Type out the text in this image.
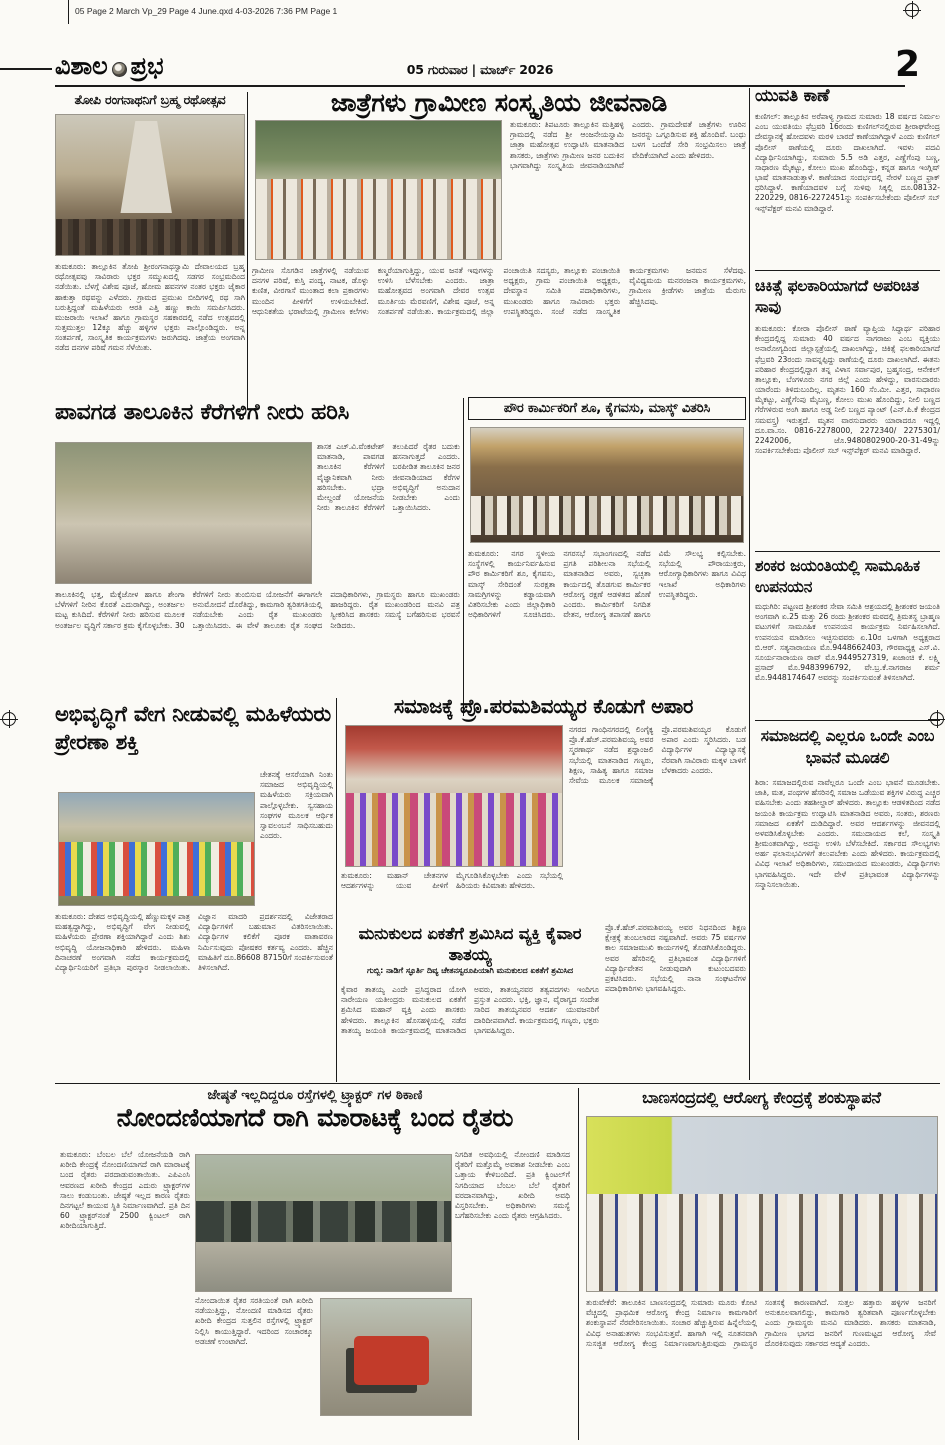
05 Page 2 March Vp_29 Page 4 June.qxd 4-03-2026 7:36 PM Page 1
ವಿಶಾಲ ಪ್ರಭ	05 ಗುರುವಾರ | ಮಾರ್ಚ್ 2026	2
ತೋಪಿ ರಂಗನಾಥನಿಗೆ ಬ್ರಹ್ಮ ರಥೋತ್ಸವ
ತುಮಕೂರು: ತಾಲ್ಲೂಕಿನ ತೋಪಿ ಶ್ರೀರಂಗನಾಥಸ್ವಾಮಿ ದೇವಾಲಯದ ಬ್ರಹ್ಮ ರಥೋತ್ಸವವು ಸಾವಿರಾರು ಭಕ್ತರ ಸಮ್ಮುಖದಲ್ಲಿ ಸಡಗರ ಸಂಭ್ರಮದಿಂದ ನಡೆಯಿತು. ಬೆಳಗ್ಗೆ ವಿಶೇಷ ಪೂಜೆ, ಹೋಮ ಹವನಗಳ ನಂತರ ಭಕ್ತರು ಜೈಕಾರ ಹಾಕುತ್ತಾ ರಥವನ್ನು ಎಳೆದರು. ಗ್ರಾಮದ ಪ್ರಮುಖ ಬೀದಿಗಳಲ್ಲಿ ರಥ ಸಾಗಿ ಬರುತ್ತಿದ್ದಂತೆ ಮಹಿಳೆಯರು ಆರತಿ ಎತ್ತಿ ಹಣ್ಣು ಕಾಯಿ ಸಮರ್ಪಿಸಿದರು. ಮುಜರಾಯಿ ಇಲಾಖೆ ಹಾಗೂ ಗ್ರಾಮಸ್ಥರ ಸಹಕಾರದಲ್ಲಿ ನಡೆದ ಉತ್ಸವದಲ್ಲಿ ಸುತ್ತಮುತ್ತಲ 12ಕ್ಕೂ ಹೆಚ್ಚು ಹಳ್ಳಿಗಳ ಭಕ್ತರು ಪಾಲ್ಗೊಂಡಿದ್ದರು. ಅನ್ನ ಸಂತರ್ಪಣೆ, ಸಾಂಸ್ಕೃತಿಕ ಕಾರ್ಯಕ್ರಮಗಳು ಜರುಗಿದವು. ಜಾತ್ರೆಯ ಅಂಗವಾಗಿ ನಡೆದ ದನಗಳ ಪರಿಷೆ ಗಮನ ಸೆಳೆಯಿತು.
ಜಾತ್ರೆಗಳು ಗ್ರಾಮೀಣ ಸಂಸ್ಕೃತಿಯ ಜೀವನಾಡಿ
ತುಮಕೂರು: ತಿಪಟೂರು ತಾಲ್ಲೂಕಿನ ಮತ್ತಿಹಳ್ಳಿ ಗ್ರಾಮದಲ್ಲಿ ನಡೆದ ಶ್ರೀ ಆಂಜನೇಯಸ್ವಾಮಿ ಜಾತ್ರಾ ಮಹೋತ್ಸವ ಉದ್ಘಾಟಿಸಿ ಮಾತನಾಡಿದ ಶಾಸಕರು, ಜಾತ್ರೆಗಳು ಗ್ರಾಮೀಣ ಜನರ ಬದುಕಿನ ಭಾಗವಾಗಿದ್ದು ಸಂಸ್ಕೃತಿಯ ಜೀವನಾಡಿಯಾಗಿವೆ ಎಂದರು. ಗ್ರಾಮದೇವತೆ ಜಾತ್ರೆಗಳು ಊರಿನ ಜನರನ್ನು ಒಗ್ಗೂಡಿಸುವ ಶಕ್ತಿ ಹೊಂದಿವೆ. ಬಂಧು ಬಳಗ ಒಂದೆಡೆ ಸೇರಿ ಸಂಭ್ರಮಿಸಲು ಜಾತ್ರೆ ವೇದಿಕೆಯಾಗಿದೆ ಎಂದು ಹೇಳಿದರು.
ಗ್ರಾಮೀಣ ಸೊಗಡಿನ ಜಾತ್ರೆಗಳಲ್ಲಿ ನಡೆಯುವ ದನಗಳ ಪರಿಷೆ, ಕುಸ್ತಿ ಪಂದ್ಯ, ನಾಟಕ, ಡೊಳ್ಳು ಕುಣಿತ, ವೀರಗಾಸೆ ಮುಂತಾದ ಕಲಾ ಪ್ರಕಾರಗಳು ಮುಂದಿನ ಪೀಳಿಗೆಗೆ ಉಳಿಯಬೇಕಿದೆ. ಆಧುನಿಕತೆಯ ಭರಾಟೆಯಲ್ಲಿ ಗ್ರಾಮೀಣ ಕಲೆಗಳು ಕಣ್ಮರೆಯಾಗುತ್ತಿದ್ದು, ಯುವ ಜನತೆ ಇವುಗಳನ್ನು ಉಳಿಸಿ ಬೆಳೆಸಬೇಕು ಎಂದರು. ಜಾತ್ರಾ ಮಹೋತ್ಸವದ ಅಂಗವಾಗಿ ದೇವರ ಉತ್ಸವ ಮೂರ್ತಿಯ ಮೆರವಣಿಗೆ, ವಿಶೇಷ ಪೂಜೆ, ಅನ್ನ ಸಂತರ್ಪಣೆ ನಡೆಯಿತು. ಕಾರ್ಯಕ್ರಮದಲ್ಲಿ ಜಿಲ್ಲಾ ಪಂಚಾಯಿತಿ ಸದಸ್ಯರು, ತಾಲ್ಲೂಕು ಪಂಚಾಯಿತಿ ಅಧ್ಯಕ್ಷರು, ಗ್ರಾಮ ಪಂಚಾಯಿತಿ ಅಧ್ಯಕ್ಷರು, ದೇವಸ್ಥಾನ ಸಮಿತಿ ಪದಾಧಿಕಾರಿಗಳು, ಮುಖಂಡರು ಹಾಗೂ ಸಾವಿರಾರು ಭಕ್ತರು ಉಪಸ್ಥಿತರಿದ್ದರು. ಸಂಜೆ ನಡೆದ ಸಾಂಸ್ಕೃತಿಕ ಕಾರ್ಯಕ್ರಮಗಳು ಜನಮನ ಸೆಳೆದವು. ವೈವಿಧ್ಯಮಯ ಮನರಂಜನಾ ಕಾರ್ಯಕ್ರಮಗಳು, ಗ್ರಾಮೀಣ ಕ್ರೀಡೆಗಳು ಜಾತ್ರೆಯ ಮೆರುಗು ಹೆಚ್ಚಿಸಿದವು.
ಯುವತಿ ಕಾಣೆ
ಕುಣಿಗಲ್: ತಾಲ್ಲೂಕಿನ ಅರೆಪಾಳ್ಯ ಗ್ರಾಮದ ಸುಮಾರು 18 ವರ್ಷದ ನಿರ್ಮಲ ಎಂಬ ಯುವತಿಯು ಫೆಬ್ರವರಿ 16ರಂದು ಕುಣಿಗಲ್‌ನಲ್ಲಿರುವ ಶ್ರೀರಾಘವೇಂದ್ರ ದೇವಸ್ಥಾನಕ್ಕೆ ಹೋದವಳು ಮರಳಿ ಬಾರದೆ ಕಾಣೆಯಾಗಿದ್ದಾಳೆ ಎಂದು ಕುಣಿಗಲ್ ಪೊಲೀಸ್ ಠಾಣೆಯಲ್ಲಿ ದೂರು ದಾಖಲಾಗಿದೆ. ಇವಳು ಪದವಿ ವಿದ್ಯಾರ್ಥಿನಿಯಾಗಿದ್ದು, ಸುಮಾರು 5.5 ಅಡಿ ಎತ್ತರ, ಎಣ್ಣೆಗೆಂಪು ಬಣ್ಣ, ಸಾಧಾರಣ ಮೈಕಟ್ಟು, ಕೋಲು ಮುಖ ಹೊಂದಿದ್ದು, ಕನ್ನಡ ಹಾಗೂ ಇಂಗ್ಲಿಷ್ ಭಾಷೆ ಮಾತನಾಡುತ್ತಾಳೆ. ಕಾಣೆಯಾದ ಸಂದರ್ಭದಲ್ಲಿ ನೇರಳೆ ಬಣ್ಣದ ಫ್ರಾಕ್ ಧರಿಸಿದ್ದಾಳೆ. ಕಾಣೆಯಾದವಳ ಬಗ್ಗೆ ಸುಳಿವು ಸಿಕ್ಕಲ್ಲಿ ದೂ.08132-220229, 0816-2272451ನ್ನು ಸಂಪರ್ಕಿಸಬೇಕೆಂದು ಪೊಲೀಸ್ ಸಬ್ ಇನ್ಸ್‌ಪೆಕ್ಟರ್ ಮನವಿ ಮಾಡಿದ್ದಾರೆ.
ಚಿಕಿತ್ಸೆ ಫಲಕಾರಿಯಾಗದೆ ಅಪರಿಚಿತ ಸಾವು
ತುಮಕೂರು: ಕೋರಾ ಪೊಲೀಸ್ ಠಾಣೆ ವ್ಯಾಪ್ತಿಯ ಸಿದ್ಧಾರ್ಥ ಪರಿಹಾರ ಕೇಂದ್ರದಲ್ಲಿದ್ದ ಸುಮಾರು 40 ವರ್ಷದ ನಾಗರಾಜು ಎಂಬ ವ್ಯಕ್ತಿಯು ಅನಾರೋಗ್ಯದಿಂದ ಜಿಲ್ಲಾಸ್ಪತ್ರೆಯಲ್ಲಿ ದಾಖಲಾಗಿದ್ದು, ಚಿಕಿತ್ಸೆ ಫಲಕಾರಿಯಾಗದೆ ಫೆಬ್ರವರಿ 23ರಂದು ಸಾವನ್ನಪ್ಪಿದ್ದು ಠಾಣೆಯಲ್ಲಿ ದೂರು ದಾಖಲಾಗಿದೆ. ಈತನು ಪರಿಹಾರ ಕೇಂದ್ರದಲ್ಲಿದ್ದಾಗ ತನ್ನ ವಿಳಾಸ ಸರ್ವಾಪುರ, ಬ್ರಹ್ಮಸಂದ್ರ, ಆನೇಕಲ್ ತಾಲ್ಲೂಕು, ಬೆಂಗಳೂರು ನಗರ ಜಿಲ್ಲೆ ಎಂದು ಹೇಳಿದ್ದು, ವಾರಸುದಾರರು ಯಾರೆಂದು ತಿಳಿದುಬಂದಿಲ್ಲ. ಮೃತನು 160 ಸೆಂ.ಮೀ. ಎತ್ತರ, ಸಾಧಾರಣ ಮೈಕಟ್ಟು, ಎಣ್ಣೆಗೆಂಪು ಮೈಬಣ್ಣ, ಕೋಲು ಮುಖ ಹೊಂದಿದ್ದು, ನೀಲಿ ಬಣ್ಣದ ಗೆರೆಗಳಿರುವ ಅಂಗಿ ಹಾಗೂ ಅಡ್ಡ ನೀಲಿ ಬಣ್ಣದ ಪ್ಯಾಂಟ್ (ಎನ್.ಪಿ.ಕೆ ಕೇಂದ್ರದ ಸಮವಸ್ತ್ರ) ಇರುತ್ತದೆ. ಮೃತನ ವಾರಸುದಾರರು ಯಾರಾದರೂ ಇದ್ದಲ್ಲಿ ದೂ.ವಾ.ಸಂ. 0816-2278000, 2272340/ 2275301/ 2242006, ಜೊ.9480802900-20-31-49ನ್ನು ಸಂಪರ್ಕಿಸಬೇಕೆಂದು ಪೊಲೀಸ್ ಸಬ್ ಇನ್ಸ್‌ಪೆಕ್ಟರ್ ಮನವಿ ಮಾಡಿದ್ದಾರೆ.
ಶಂಕರ ಜಯಂತಿಯಲ್ಲಿ ಸಾಮೂಹಿಕ ಉಪನಯನ
ಮಧುಗಿರಿ: ಪಟ್ಟಣದ ಶ್ರೀಶಂಕರ ಸೇವಾ ಸಮಿತಿ ಆಶ್ರಯದಲ್ಲಿ ಶ್ರೀಶಂಕರ ಜಯಂತಿ ಅಂಗವಾಗಿ ಏ.25 ಮತ್ತು 26 ರಂದು ಶ್ರೀಶಂಕರ ಮಠದಲ್ಲಿ ತ್ರಿಮತಸ್ಥ ಬ್ರಾಹ್ಮಣ ವಟುಗಳಿಗೆ ಸಾಮೂಹಿಕ ಉಪನಯನ ಕಾರ್ಯಕ್ರಮ ನಿರ್ವಹಿಸಲಾಗಿದೆ. ಉಪನಯನ ಮಾಡಿಸಲು ಇಚ್ಛಿಸುವವರು ಏ.10ರ ಒಳಗಾಗಿ ಅಧ್ಯಕ್ಷರಾದ ಬಿ.ಆರ್. ಸತ್ಯನಾರಾಯಣ ಮೊ.9448662403, ಗೌರವಾಧ್ಯಕ್ಷ ಎಸ್.ವಿ. ಸೂರ್ಯನಾರಾಯಣ ರಾವ್ ಮೊ.9449527319, ಖಜಾಂಚಿ ಕೆ. ಲಕ್ಷ್ಮಿ ಪ್ರಸಾದ್ ಮೊ.9483996792, ವೇ.ಬ್ರ.ಕೆ.ನಾಗರಾಜ ಶರ್ಮ ಮೊ.9448174647 ಅವರನ್ನು ಸಂಪರ್ಕಿಸುವಂತೆ ತಿಳಿಸಲಾಗಿದೆ.
ಪಾವಗಡ ತಾಲೂಕಿನ ಕೆರೆಗಳಿಗೆ ನೀರು ಹರಿಸಿ
ಶಾಸಕ ಎಚ್.ವಿ.ವೆಂಕಟೇಶ್ ಮಾತನಾಡಿ, ಪಾವಗಡ ತಾಲೂಕಿನ ಕೆರೆಗಳಿಗೆ ವೈಜ್ಞಾನಿಕವಾಗಿ ನೀರು ಹರಿಸಬೇಕು. ಭದ್ರಾ ಮೇಲ್ದಂಡೆ ಯೋಜನೆಯ ನೀರು ತಾಲೂಕಿನ ಕೆರೆಗಳಿಗೆ ತಲುಪಿದರೆ ರೈತರ ಬದುಕು ಹಸನಾಗುತ್ತದೆ ಎಂದರು. ಬರಪೀಡಿತ ತಾಲೂಕಿನ ಜನರ ಜೀವನಾಡಿಯಾದ ಕೆರೆಗಳ ಅಭಿವೃದ್ಧಿಗೆ ಅನುದಾನ ನೀಡಬೇಕು ಎಂದು ಒತ್ತಾಯಿಸಿದರು.
ತಾಲೂಕಿನಲ್ಲಿ ಭತ್ತ, ಮೆಕ್ಕೆಜೋಳ ಹಾಗೂ ಶೇಂಗಾ ಬೆಳೆಗಳಿಗೆ ನೀರಿನ ಕೊರತೆ ಎದುರಾಗಿದ್ದು, ಅಂತರ್ಜಲ ಮಟ್ಟ ಕುಸಿದಿದೆ. ಕೆರೆಗಳಿಗೆ ನೀರು ಹರಿಸುವ ಮೂಲಕ ಅಂತರ್ಜಲ ವೃದ್ಧಿಗೆ ಸರ್ಕಾರ ಕ್ರಮ ಕೈಗೊಳ್ಳಬೇಕು. 30 ಕೆರೆಗಳಿಗೆ ನೀರು ತುಂಬಿಸುವ ಯೋಜನೆಗೆ ಈಗಾಗಲೇ ಅನುಮೋದನೆ ದೊರೆತಿದ್ದು, ಕಾಮಗಾರಿ ತ್ವರಿತಗತಿಯಲ್ಲಿ ನಡೆಯಬೇಕು ಎಂದು ರೈತ ಮುಖಂಡರು ಒತ್ತಾಯಿಸಿದರು. ಈ ವೇಳೆ ತಾಲೂಕು ರೈತ ಸಂಘದ ಪದಾಧಿಕಾರಿಗಳು, ಗ್ರಾಮಸ್ಥರು ಹಾಗೂ ಮುಖಂಡರು ಹಾಜರಿದ್ದರು. ರೈತ ಮುಖಂಡರಿಂದ ಮನವಿ ಪತ್ರ ಸ್ವೀಕರಿಸಿದ ಶಾಸಕರು ಸಮಸ್ಯೆ ಬಗೆಹರಿಸುವ ಭರವಸೆ ನೀಡಿದರು.
ಪೌರ ಕಾರ್ಮಿಕರಿಗೆ ಶೂ, ಕೈಗವಸು, ಮಾಸ್ಕ್ ವಿತರಿಸಿ
ತುಮಕೂರು: ನಗರ ಸ್ಥಳೀಯ ಸಂಸ್ಥೆಗಳಲ್ಲಿ ಕಾರ್ಯನಿರ್ವಹಿಸುವ ಪೌರ ಕಾರ್ಮಿಕರಿಗೆ ಶೂ, ಕೈಗವಸು, ಮಾಸ್ಕ್ ಸೇರಿದಂತೆ ಸುರಕ್ಷತಾ ಸಾಮಗ್ರಿಗಳನ್ನು ಕಡ್ಡಾಯವಾಗಿ ವಿತರಿಸಬೇಕು ಎಂದು ಜಿಲ್ಲಾಧಿಕಾರಿ ಅಧಿಕಾರಿಗಳಿಗೆ ಸೂಚಿಸಿದರು. ನಗರಸಭೆ ಸಭಾಂಗಣದಲ್ಲಿ ನಡೆದ ಪ್ರಗತಿ ಪರಿಶೀಲನಾ ಸಭೆಯಲ್ಲಿ ಮಾತನಾಡಿದ ಅವರು, ಸ್ವಚ್ಛತಾ ಕಾರ್ಯದಲ್ಲಿ ತೊಡಗುವ ಕಾರ್ಮಿಕರ ಆರೋಗ್ಯ ರಕ್ಷಣೆ ಆಡಳಿತದ ಹೊಣೆ ಎಂದರು. ಕಾರ್ಮಿಕರಿಗೆ ನಿಗದಿತ ವೇತನ, ಆರೋಗ್ಯ ತಪಾಸಣೆ ಹಾಗೂ ವಿಮೆ ಸೌಲಭ್ಯ ಕಲ್ಪಿಸಬೇಕು. ಸಭೆಯಲ್ಲಿ ಪೌರಾಯುಕ್ತರು, ಆರೋಗ್ಯಾಧಿಕಾರಿಗಳು ಹಾಗೂ ವಿವಿಧ ಇಲಾಖೆ ಅಧಿಕಾರಿಗಳು ಉಪಸ್ಥಿತರಿದ್ದರು.
ಅಭಿವೃದ್ಧಿಗೆ ವೇಗ ನೀಡುವಲ್ಲಿ ಮಹಿಳೆಯರು ಪ್ರೇರಣಾ ಶಕ್ತಿ
ಚೇತನಕ್ಕೆ ಆಸರೆಯಾಗಿ ನಿಂತು ಸಮಾಜದ ಅಭಿವೃದ್ಧಿಯಲ್ಲಿ ಮಹಿಳೆಯರು ಸಕ್ರಿಯವಾಗಿ ಪಾಲ್ಗೊಳ್ಳಬೇಕು. ಸ್ವಸಹಾಯ ಸಂಘಗಳ ಮೂಲಕ ಆರ್ಥಿಕ ಸ್ವಾವಲಂಬನೆ ಸಾಧಿಸಬಹುದು ಎಂದರು.
ತುಮಕೂರು: ದೇಶದ ಅಭಿವೃದ್ಧಿಯಲ್ಲಿ ಹೆಣ್ಣುಮಕ್ಕಳ ಪಾತ್ರ ಮಹತ್ವದ್ದಾಗಿದ್ದು, ಅಭಿವೃದ್ಧಿಗೆ ವೇಗ ನೀಡುವಲ್ಲಿ ಮಹಿಳೆಯರು ಪ್ರೇರಣಾ ಶಕ್ತಿಯಾಗಿದ್ದಾರೆ ಎಂದು ಶಿಶು ಅಭಿವೃದ್ಧಿ ಯೋಜನಾಧಿಕಾರಿ ಹೇಳಿದರು. ಮಹಿಳಾ ದಿನಾಚರಣೆ ಅಂಗವಾಗಿ ನಡೆದ ಕಾರ್ಯಕ್ರಮದಲ್ಲಿ ವಿದ್ಯಾರ್ಥಿನಿಯರಿಗೆ ಪ್ರತಿಭಾ ಪುರಸ್ಕಾರ ನೀಡಲಾಯಿತು. ವಿಜ್ಞಾನ ಮಾದರಿ ಪ್ರದರ್ಶನದಲ್ಲಿ ವಿಜೇತರಾದ ವಿದ್ಯಾರ್ಥಿಗಳಿಗೆ ಬಹುಮಾನ ವಿತರಿಸಲಾಯಿತು. ವಿದ್ಯಾರ್ಥಿಗಳ ಕಲಿಕೆಗೆ ಪೂರಕ ವಾತಾವರಣ ನಿರ್ಮಿಸುವುದು ಪೋಷಕರ ಕರ್ತವ್ಯ ಎಂದರು. ಹೆಚ್ಚಿನ ಮಾಹಿತಿಗೆ ದೂ.86608 87150ಗೆ ಸಂಪರ್ಕಿಸುವಂತೆ ತಿಳಿಸಲಾಗಿದೆ.
ಸಮಾಜಕ್ಕೆ ಪ್ರೊ.ಪರಮಶಿವಯ್ಯರ ಕೊಡುಗೆ ಅಪಾರ
ನಗರದ ಗಾಂಧಿನಗರದಲ್ಲಿ ಲಿಂಗೈಕ್ಯ ಪ್ರೊ.ಕೆ.ಹೆಚ್.ಪರಮಶಿವಯ್ಯ ಅವರ ಸ್ಮರಣಾರ್ಥ ನಡೆದ ಶ್ರದ್ಧಾಂಜಲಿ ಸಭೆಯಲ್ಲಿ ಮಾತನಾಡಿದ ಗಣ್ಯರು, ಶಿಕ್ಷಣ, ಸಾಹಿತ್ಯ ಹಾಗೂ ಸಮಾಜ ಸೇವೆಯ ಮೂಲಕ ಸಮಾಜಕ್ಕೆ ಪ್ರೊ.ಪರಮಶಿವಯ್ಯರ ಕೊಡುಗೆ ಅಪಾರ ಎಂದು ಸ್ಮರಿಸಿದರು. ಬಡ ವಿದ್ಯಾರ್ಥಿಗಳ ವಿದ್ಯಾಭ್ಯಾಸಕ್ಕೆ ನೆರವಾಗಿ ಸಾವಿರಾರು ಮಕ್ಕಳ ಬಾಳಿಗೆ ಬೆಳಕಾದರು ಎಂದರು.
ತುಮಕೂರು: ಮಹಾನ್ ಚೇತನಗಳ ಆದರ್ಶಗಳನ್ನು ಯುವ ಪೀಳಿಗೆ ಮೈಗೂಡಿಸಿಕೊಳ್ಳಬೇಕು ಎಂದು ಸಭೆಯಲ್ಲಿ ಹಿರಿಯರು ಕಿವಿಮಾತು ಹೇಳಿದರು.
ಮನುಕುಲದ ಏಕತೆಗೆ ಶ್ರಮಿಸಿದ ವ್ಯಕ್ತಿ ಕೈವಾರ ತಾತಯ್ಯ
ಗುಬ್ಬಿ: ನಾಡಿಗೆ ಸ್ಫೂರ್ತಿ ದಿವ್ಯ ಚೇತನಸ್ವರೂಪಿಯಾಗಿ ಮನುಕುಲದ ಏಕತೆಗೆ ಶ್ರಮಿಸಿದ
ಕೈವಾರ ತಾತಯ್ಯ ಎಂದೇ ಪ್ರಸಿದ್ಧರಾದ ಯೋಗಿ ನಾರೇಯಣ ಯತೀಂದ್ರರು ಮನುಕುಲದ ಏಕತೆಗೆ ಶ್ರಮಿಸಿದ ಮಹಾನ್ ವ್ಯಕ್ತಿ ಎಂದು ಶಾಸಕರು ಹೇಳಿದರು. ತಾಲ್ಲೂಕಿನ ಹೊಸಹಳ್ಳಿಯಲ್ಲಿ ನಡೆದ ತಾತಯ್ಯ ಜಯಂತಿ ಕಾರ್ಯಕ್ರಮದಲ್ಲಿ ಮಾತನಾಡಿದ ಅವರು, ತಾತಯ್ಯನವರ ತತ್ವಪದಗಳು ಇಂದಿಗೂ ಪ್ರಸ್ತುತ ಎಂದರು. ಭಕ್ತಿ, ಜ್ಞಾನ, ವೈರಾಗ್ಯದ ಸಂದೇಶ ಸಾರಿದ ತಾತಯ್ಯನವರ ಆದರ್ಶ ಯುವಜನರಿಗೆ ದಾರಿದೀಪವಾಗಿದೆ. ಕಾರ್ಯಕ್ರಮದಲ್ಲಿ ಗಣ್ಯರು, ಭಕ್ತರು ಭಾಗವಹಿಸಿದ್ದರು.
ಪ್ರೊ.ಕೆ.ಹೆಚ್.ಪರಮಶಿವಯ್ಯ ಅವರ ನಿಧನದಿಂದ ಶಿಕ್ಷಣ ಕ್ಷೇತ್ರಕ್ಕೆ ತುಂಬಲಾರದ ನಷ್ಟವಾಗಿದೆ. ಅವರು 75 ವರ್ಷಗಳ ಕಾಲ ಸಮಾಜಮುಖಿ ಕಾರ್ಯಗಳಲ್ಲಿ ತೊಡಗಿಸಿಕೊಂಡಿದ್ದರು. ಅವರ ಹೆಸರಿನಲ್ಲಿ ಪ್ರತಿಭಾವಂತ ವಿದ್ಯಾರ್ಥಿಗಳಿಗೆ ವಿದ್ಯಾರ್ಥಿವೇತನ ನೀಡುವುದಾಗಿ ಕುಟುಂಬದವರು ಪ್ರಕಟಿಸಿದರು. ಸಭೆಯಲ್ಲಿ ನಾನಾ ಸಂಘಟನೆಗಳ ಪದಾಧಿಕಾರಿಗಳು ಭಾಗವಹಿಸಿದ್ದರು.
ಸಮಾಜದಲ್ಲಿ ಎಲ್ಲರೂ ಒಂದೇ ಎಂಬ ಭಾವನೆ ಮೂಡಲಿ
ಶಿರಾ: ಸಮಾಜದಲ್ಲಿರುವ ನಾವೆಲ್ಲರೂ ಒಂದೇ ಎಂಬ ಭಾವನೆ ಮೂಡಬೇಕು. ಜಾತಿ, ಮತ, ಪಂಥಗಳ ಹೆಸರಿನಲ್ಲಿ ಸಮಾಜ ಒಡೆಯುವ ಶಕ್ತಿಗಳ ವಿರುದ್ಧ ಎಚ್ಚರ ವಹಿಸಬೇಕು ಎಂದು ತಹಶೀಲ್ದಾರ್ ಹೇಳಿದರು. ತಾಲ್ಲೂಕು ಆಡಳಿತದಿಂದ ನಡೆದ ಜಯಂತಿ ಕಾರ್ಯಕ್ರಮ ಉದ್ಘಾಟಿಸಿ ಮಾತನಾಡಿದ ಅವರು, ಸಂತರು, ಶರಣರು ಸಮಾಜದ ಏಕತೆಗೆ ದುಡಿದಿದ್ದಾರೆ. ಅವರ ಆದರ್ಶಗಳನ್ನು ಜೀವನದಲ್ಲಿ ಅಳವಡಿಸಿಕೊಳ್ಳಬೇಕು ಎಂದರು. ಸಮುದಾಯದ ಕಲೆ, ಸಂಸ್ಕೃತಿ ಶ್ರೀಮಂತವಾಗಿದ್ದು, ಅದನ್ನು ಉಳಿಸಿ ಬೆಳೆಸಬೇಕಿದೆ. ಸರ್ಕಾರದ ಸೌಲಭ್ಯಗಳು ಅರ್ಹ ಫಲಾನುಭವಿಗಳಿಗೆ ತಲುಪಬೇಕು ಎಂದು ಹೇಳಿದರು. ಕಾರ್ಯಕ್ರಮದಲ್ಲಿ ವಿವಿಧ ಇಲಾಖೆ ಅಧಿಕಾರಿಗಳು, ಸಮುದಾಯದ ಮುಖಂಡರು, ವಿದ್ಯಾರ್ಥಿಗಳು ಭಾಗವಹಿಸಿದ್ದರು. ಇದೇ ವೇಳೆ ಪ್ರತಿಭಾವಂತ ವಿದ್ಯಾರ್ಥಿಗಳನ್ನು ಸನ್ಮಾನಿಸಲಾಯಿತು.
ಜೇಷ್ಠತೆ ಇಲ್ಲದಿದ್ದರೂ ರಸ್ತೆಗಳಲ್ಲಿ ಟ್ರ್ಯಾಕ್ಟರ್ ಗಳ ಠಿಕಾಣಿ
ನೋಂದಣಿಯಾಗದೆ ರಾಗಿ ಮಾರಾಟಕ್ಕೆ ಬಂದ ರೈತರು
ತುಮಕೂರು: ಬೆಂಬಲ ಬೆಲೆ ಯೋಜನೆಯಡಿ ರಾಗಿ ಖರೀದಿ ಕೇಂದ್ರಕ್ಕೆ ನೋಂದಣಿಯಾಗದೆ ರಾಗಿ ಮಾರಾಟಕ್ಕೆ ಬಂದ ರೈತರು ಪರದಾಡುವಂತಾಯಿತು. ಎಪಿಎಂಸಿ ಆವರಣದ ಖರೀದಿ ಕೇಂದ್ರದ ಎದುರು ಟ್ರ್ಯಾಕ್ಟರ್‌ಗಳ ಸಾಲು ಕಂಡುಬಂತು. ಜೇಷ್ಠತೆ ಇಲ್ಲದ ಕಾರಣ ರೈತರು ದಿನಗಟ್ಟಲೆ ಕಾಯುವ ಸ್ಥಿತಿ ನಿರ್ಮಾಣವಾಗಿದೆ. ಪ್ರತಿ ದಿನ 60 ಟ್ರ್ಯಾಕ್ಟರ್‌ನಂತೆ 2500 ಕ್ವಿಂಟಲ್ ರಾಗಿ ಖರೀದಿಯಾಗುತ್ತಿದೆ.
ನೋಂದಾಯಿತ ರೈತರ ಸರತಿಯಂತೆ ರಾಗಿ ಖರೀದಿ ನಡೆಯುತ್ತಿದ್ದು, ನೋಂದಣಿ ಮಾಡಿಸದ ರೈತರು ಖರೀದಿ ಕೇಂದ್ರದ ಸುತ್ತಲಿನ ರಸ್ತೆಗಳಲ್ಲಿ ಟ್ರ್ಯಾಕ್ಟರ್ ನಿಲ್ಲಿಸಿ ಕಾಯುತ್ತಿದ್ದಾರೆ. ಇದರಿಂದ ಸಂಚಾರಕ್ಕೂ ಅಡಚಣೆ ಉಂಟಾಗಿದೆ.
ನಿಗದಿತ ಅವಧಿಯಲ್ಲಿ ನೋಂದಣಿ ಮಾಡಿಸದ ರೈತರಿಗೆ ಮತ್ತೊಮ್ಮೆ ಅವಕಾಶ ನೀಡಬೇಕು ಎಂಬ ಒತ್ತಾಯ ಕೇಳಿಬಂದಿದೆ. ಪ್ರತಿ ಕ್ವಿಂಟಲ್‌ಗೆ ನಿಗದಿಯಾದ ಬೆಂಬಲ ಬೆಲೆ ರೈತರಿಗೆ ವರದಾನವಾಗಿದ್ದು, ಖರೀದಿ ಅವಧಿ ವಿಸ್ತರಿಸಬೇಕು. ಅಧಿಕಾರಿಗಳು ಸಮಸ್ಯೆ ಬಗೆಹರಿಸಬೇಕು ಎಂದು ರೈತರು ಆಗ್ರಹಿಸಿದರು.
ಬಾಣಸಂದ್ರದಲ್ಲಿ ಆರೋಗ್ಯ ಕೇಂದ್ರಕ್ಕೆ ಶಂಕುಸ್ಥಾಪನೆ
ತುರುವೇಕೆರೆ: ತಾಲೂಕಿನ ಬಾಣಸಂದ್ರದಲ್ಲಿ ಸುಮಾರು ಮೂರು ಕೋಟಿ ವೆಚ್ಚದಲ್ಲಿ ಪ್ರಾಥಮಿಕ ಆರೋಗ್ಯ ಕೇಂದ್ರ ನಿರ್ಮಾಣ ಕಾಮಗಾರಿಗೆ ಶಂಕುಸ್ಥಾಪನೆ ನೆರವೇರಿಸಲಾಯಿತು. ಸಂಚಾರ ಹೆಚ್ಚುತ್ತಿರುವ ಹಿನ್ನೆಲೆಯಲ್ಲಿ ವಿವಿಧ ಅನಾಹುತಗಳು ಸಂಭವಿಸುತ್ತವೆ. ಹಾಗಾಗಿ ಇಲ್ಲಿ ನೂತನವಾಗಿ ಸುಸಜ್ಜಿತ ಆರೋಗ್ಯ ಕೇಂದ್ರ ನಿರ್ಮಾಣವಾಗುತ್ತಿರುವುದು ಗ್ರಾಮಸ್ಥರ ಸಂತಸಕ್ಕೆ ಕಾರಣವಾಗಿದೆ. ಸುತ್ತಲ ಹತ್ತಾರು ಹಳ್ಳಿಗಳ ಜನರಿಗೆ ಅನುಕೂಲವಾಗಲಿದ್ದು, ಕಾಮಗಾರಿ ತ್ವರಿತವಾಗಿ ಪೂರ್ಣಗೊಳ್ಳಬೇಕು ಎಂದು ಗ್ರಾಮಸ್ಥರು ಮನವಿ ಮಾಡಿದರು. ಶಾಸಕರು ಮಾತನಾಡಿ, ಗ್ರಾಮೀಣ ಭಾಗದ ಜನರಿಗೆ ಗುಣಮಟ್ಟದ ಆರೋಗ್ಯ ಸೇವೆ ದೊರಕಿಸುವುದು ಸರ್ಕಾರದ ಆದ್ಯತೆ ಎಂದರು.
